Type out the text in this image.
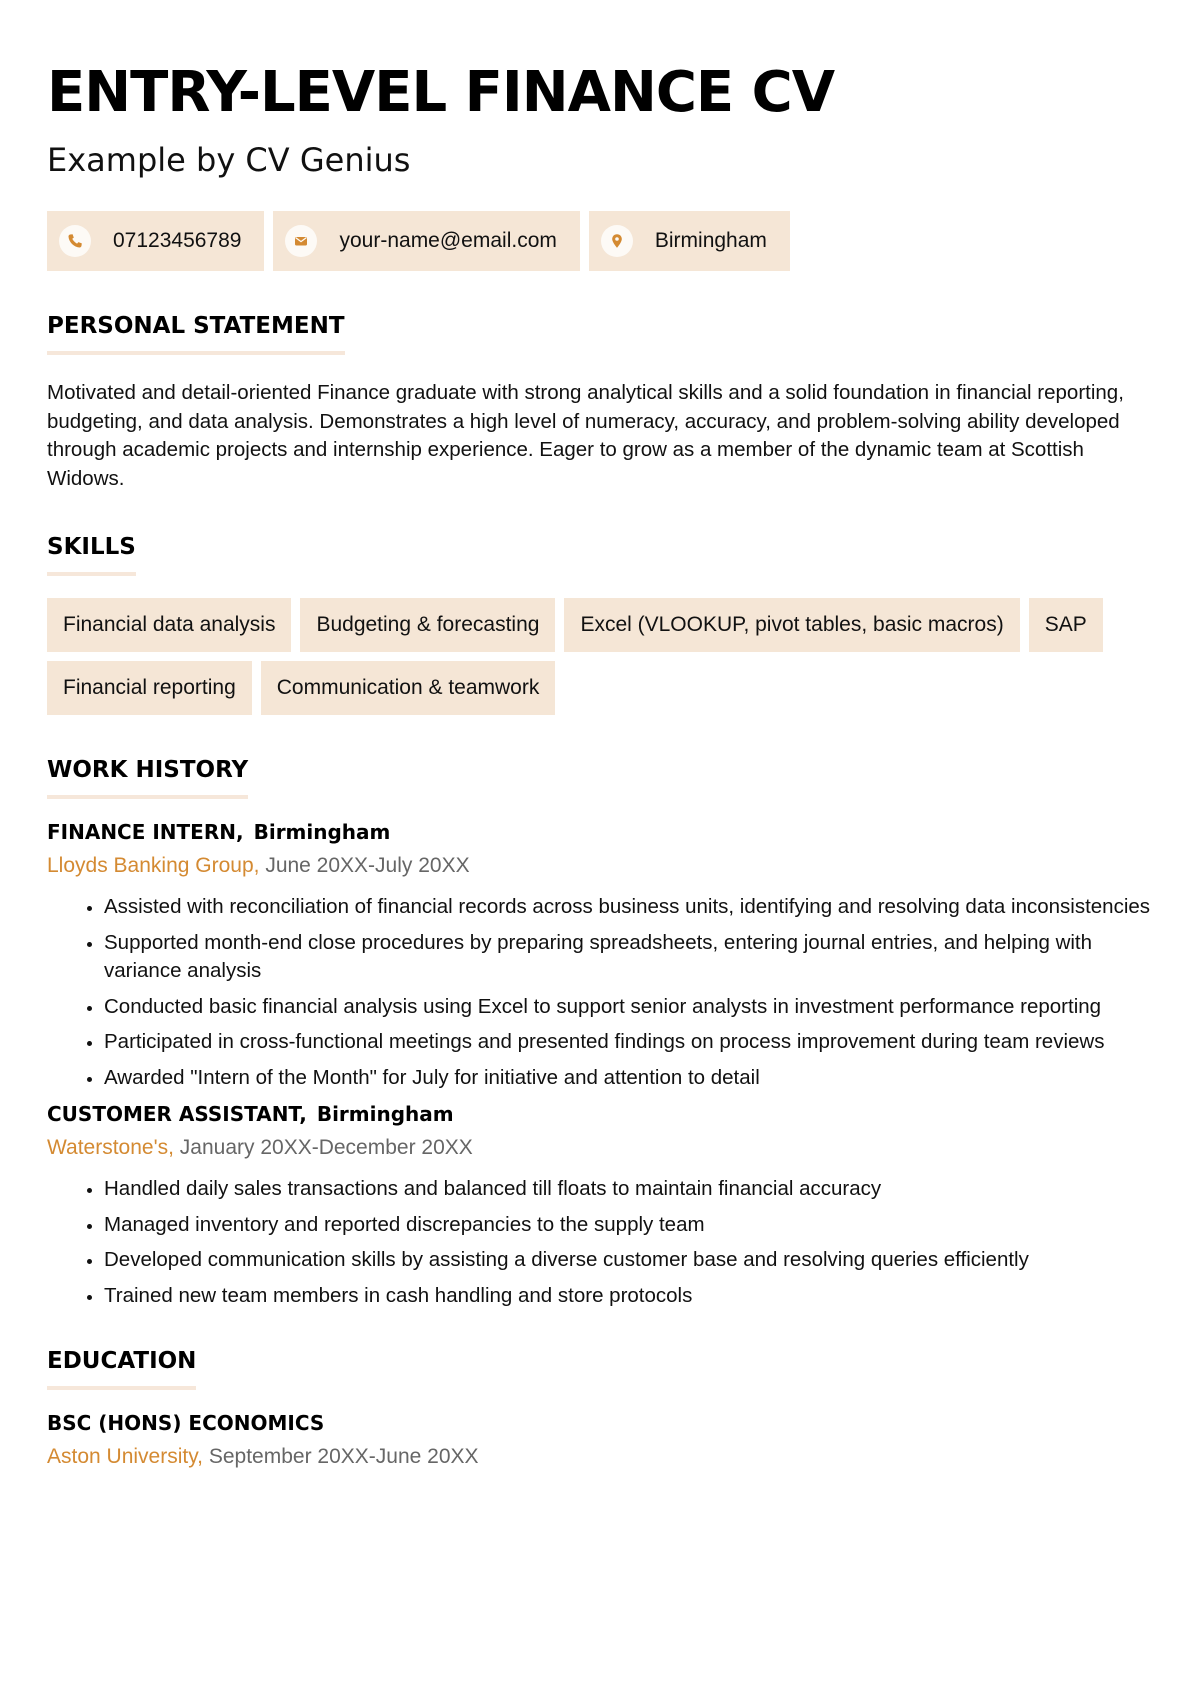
ENTRY-LEVEL FINANCE CV

Example by CV Genius

07123456789	your-name@email.com	Birmingham
PERSONAL STATEMENT

Motivated and detail-oriented Finance graduate with strong analytical skills and a solid foundation in financial reporting, budgeting, and data analysis. Demonstrates a high level of numeracy, accuracy, and problem-solving ability developed through academic projects and internship experience. Eager to grow as a member of the dynamic team at Scottish Widows.

SKILLS
Financial data analysis	Budgeting & forecasting	Excel (VLOOKUP, pivot tables, basic macros)	SAP
Financial reporting	Communication & teamwork
WORK HISTORY

FINANCE INTERN, Birmingham

Lloyds Banking Group, June 20XX-July 20XX

• Assisted with reconciliation of financial records across business units, identifying and resolving data inconsistencies
• Supported month-end close procedures by preparing spreadsheets, entering journal entries, and helping with variance analysis
• Conducted basic financial analysis using Excel to support senior analysts in investment performance reporting
• Participated in cross-functional meetings and presented findings on process improvement during team reviews
• Awarded "Intern of the Month" for July for initiative and attention to detail

CUSTOMER ASSISTANT, Birmingham

Waterstone's, January 20XX-December 20XX

• Handled daily sales transactions and balanced till floats to maintain financial accuracy
• Managed inventory and reported discrepancies to the supply team
• Developed communication skills by assisting a diverse customer base and resolving queries efficiently
• Trained new team members in cash handling and store protocols
EDUCATION

BSC (HONS) ECONOMICS

Aston University, September 20XX-June 20XX
